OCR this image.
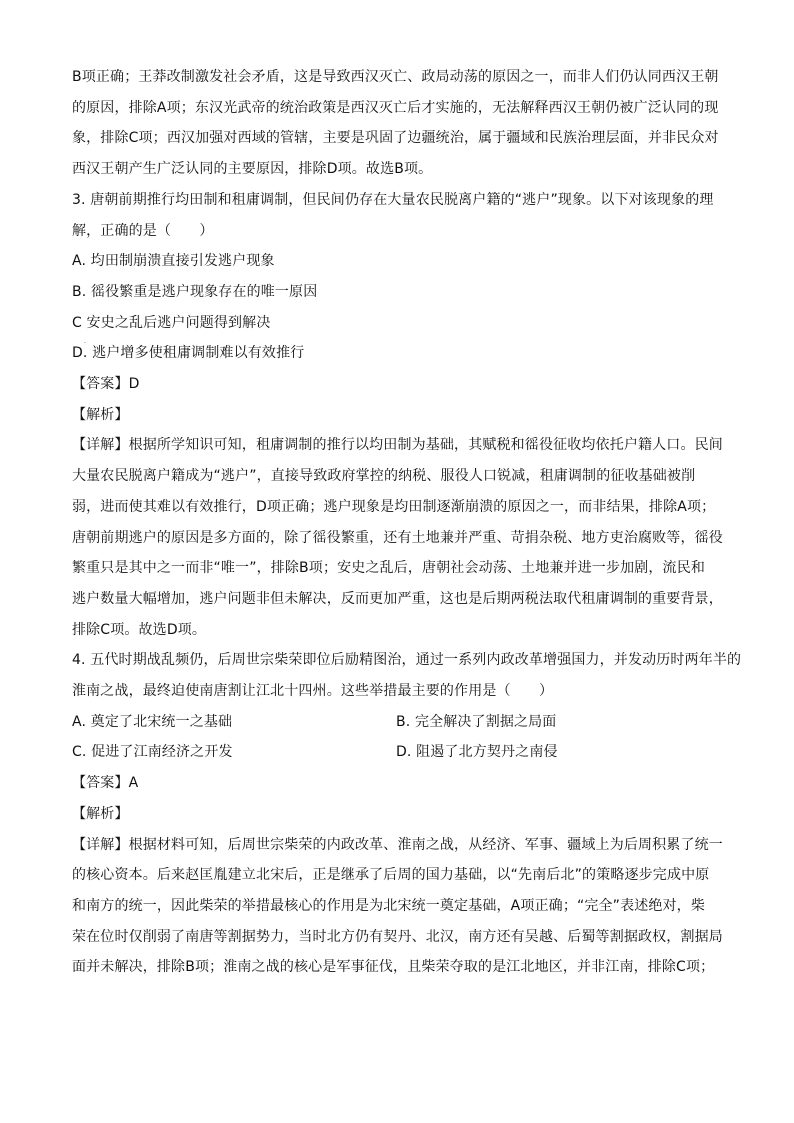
B项正确；王莽改制激发社会矛盾，这是导致西汉灭亡、政局动荡的原因之一，而非人们仍认同西汉王朝

的原因，排除A项；东汉光武帝的统治政策是西汉灭亡后才实施的，无法解释西汉王朝仍被广泛认同的现

象，排除C项；西汉加强对西域的管辖，主要是巩固了边疆统治，属于疆域和民族治理层面，并非民众对

西汉王朝产生广泛认同的主要原因，排除D项。故选B项。

3. 唐朝前期推行均田制和租庸调制，但民间仍存在大量农民脱离户籍的“逃户”现象。以下对该现象的理

解，正确的是（　　）

A. 均田制崩溃直接引发逃户现象

B. 徭役繁重是逃户现象存在的唯一原因

C 安史之乱后逃户问题得到解决

D. 逃户增多使租庸调制难以有效推行

【答案】D

【解析】

【详解】根据所学知识可知，租庸调制的推行以均田制为基础，其赋税和徭役征收均依托户籍人口。民间

大量农民脱离户籍成为“逃户”，直接导致政府掌控的纳税、服役人口锐减，租庸调制的征收基础被削

弱，进而使其难以有效推行，D项正确；逃户现象是均田制逐渐崩溃的原因之一，而非结果，排除A项；

唐朝前期逃户的原因是多方面的，除了徭役繁重，还有土地兼并严重、苛捐杂税、地方吏治腐败等，徭役

繁重只是其中之一而非“唯一”，排除B项；安史之乱后，唐朝社会动荡、土地兼并进一步加剧，流民和

逃户数量大幅增加，逃户问题非但未解决，反而更加严重，这也是后期两税法取代租庸调制的重要背景，

排除C项。故选D项。

4. 五代时期战乱频仍，后周世宗柴荣即位后励精图治，通过一系列内政改革增强国力，并发动历时两年半的

淮南之战，最终迫使南唐割让江北十四州。这些举措最主要的作用是（　　）

A. 奠定了北宋统一之基础	B. 完全解决了割据之局面

C. 促进了江南经济之开发	D. 阻遏了北方契丹之南侵

【答案】A

【解析】

【详解】根据材料可知，后周世宗柴荣的内政改革、淮南之战，从经济、军事、疆域上为后周积累了统一

的核心资本。后来赵匡胤建立北宋后，正是继承了后周的国力基础，以“先南后北”的策略逐步完成中原

和南方的统一，因此柴荣的举措最核心的作用是为北宋统一奠定基础，A项正确；“完全”表述绝对，柴

荣在位时仅削弱了南唐等割据势力，当时北方仍有契丹、北汉，南方还有吴越、后蜀等割据政权，割据局

面并未解决，排除B项；淮南之战的核心是军事征伐，且柴荣夺取的是江北地区，并非江南，排除C项；

.
